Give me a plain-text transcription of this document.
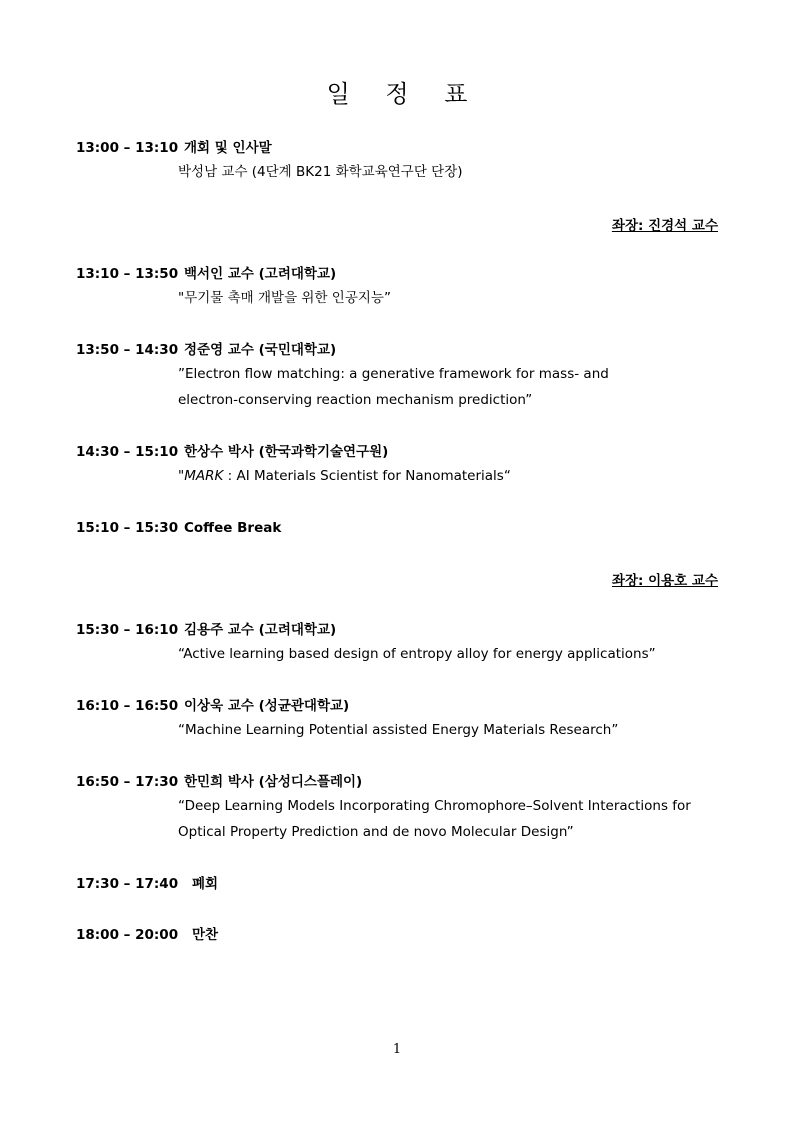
일 정 표
13:00 – 13:10 개회 및 인사말
박성남 교수 (4단계 BK21 화학교육연구단 단장)
좌장: 진경석 교수
13:10 – 13:50 백서인 교수 (고려대학교)
"무기물 촉매 개발을 위한 인공지능”
13:50 – 14:30 정준영 교수 (국민대학교)
”Electron flow matching: a generative framework for mass- and
electron-conserving reaction mechanism prediction”
14:30 – 15:10 한상수 박사 (한국과학기술연구원)
"MARK : AI Materials Scientist for Nanomaterials“
15:10 – 15:30 Coffee Break
좌장: 이용호 교수
15:30 – 16:10 김용주 교수 (고려대학교)
“Active learning based design of entropy alloy for energy applications”
16:10 – 16:50 이상욱 교수 (성균관대학교)
“Machine Learning Potential assisted Energy Materials Research”
16:50 – 17:30 한민희 박사 (삼성디스플레이)
“Deep Learning Models Incorporating Chromophore–Solvent Interactions for
Optical Property Prediction and de novo Molecular Design”
17:30 – 17:40 폐회
18:00 – 20:00 만찬
1
